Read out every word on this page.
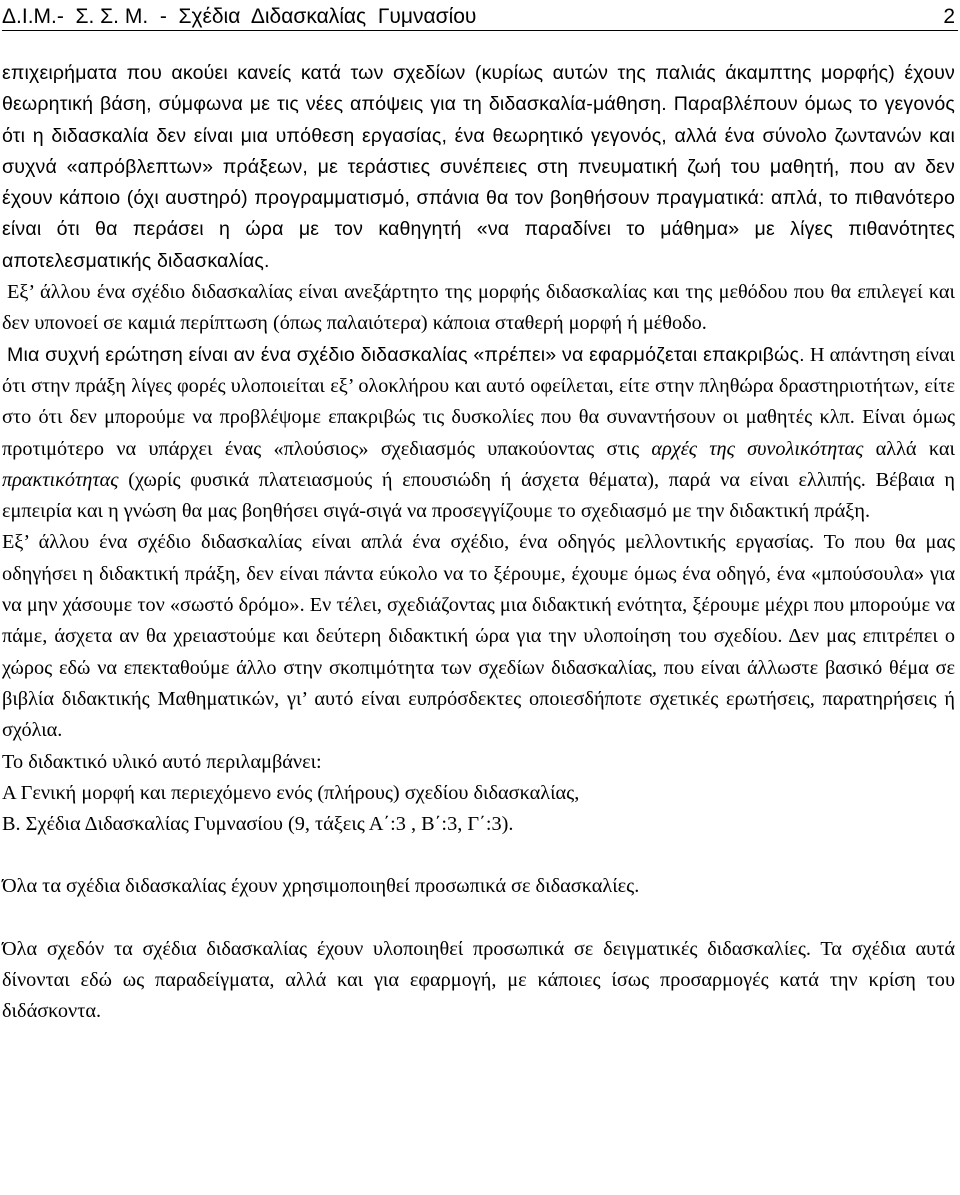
Δ.Ι.Μ.-  Σ. Σ. Μ.  -  Σχέδια  Διδασκαλίας  Γυμνασίου	2

επιχειρήματα που ακούει κανείς κατά των σχεδίων (κυρίως αυτών της παλιάς άκαμπτης μορφής) έχουν θεωρητική βάση, σύμφωνα με τις νέες απόψεις για τη διδασκαλία-μάθηση. Παραβλέπουν όμως το γεγονός ότι η διδασκαλία δεν είναι μια υπόθεση εργασίας, ένα θεωρητικό γεγονός, αλλά ένα σύνολο ζωντανών και συχνά «απρόβλεπτων» πράξεων, με τεράστιες συνέπειες στη πνευματική ζωή του μαθητή, που αν δεν έχουν κάποιο (όχι αυστηρό) προγραμματισμό, σπάνια θα τον βοηθήσουν πραγματικά: απλά, το πιθανότερο είναι ότι θα περάσει η ώρα με τον καθηγητή «να παραδίνει το μάθημα» με λίγες πιθανότητες αποτελεσματικής διδασκαλίας.

Εξ’ άλλου ένα σχέδιο διδασκαλίας είναι ανεξάρτητο της μορφής διδασκαλίας και της μεθόδου που θα επιλεγεί και δεν υπονοεί σε καμιά περίπτωση (όπως παλαιότερα) κάποια σταθερή μορφή ή μέθοδο.

Μια συχνή ερώτηση είναι αν ένα σχέδιο διδασκαλίας «πρέπει» να εφαρμόζεται επακριβώς. Η απάντηση είναι ότι στην πράξη λίγες φορές υλοποιείται εξ’ ολοκλήρου και αυτό οφείλεται, είτε στην πληθώρα δραστηριοτήτων, είτε στο ότι δεν μπορούμε να προβλέψομε επακριβώς τις δυσκολίες που θα συναντήσουν οι μαθητές κλπ. Είναι όμως προτιμότερο να υπάρχει ένας «πλούσιος» σχεδιασμός υπακούοντας στις αρχές της συνολικότητας αλλά και πρακτικότητας (χωρίς φυσικά πλατειασμούς ή επουσιώδη ή άσχετα θέματα), παρά να είναι ελλιπής. Βέβαια η εμπειρία και η γνώση θα μας βοηθήσει σιγά-σιγά να προσεγγίζουμε το σχεδιασμό με την διδακτική πράξη.

Εξ’ άλλου ένα σχέδιο διδασκαλίας είναι απλά ένα σχέδιο, ένα οδηγός μελλοντικής εργασίας. Το που θα μας οδηγήσει η διδακτική πράξη, δεν είναι πάντα εύκολο να το ξέρουμε, έχουμε όμως ένα οδηγό, ένα «μπούσουλα» για να μην χάσουμε τον «σωστό δρόμο». Εν τέλει, σχεδιάζοντας μια διδακτική ενότητα, ξέρουμε μέχρι που μπορούμε να πάμε, άσχετα αν θα χρειαστούμε και δεύτερη διδακτική ώρα για την υλοποίηση του σχεδίου. Δεν μας επιτρέπει ο χώρος εδώ να επεκταθούμε άλλο στην σκοπιμότητα των σχεδίων διδασκαλίας, που είναι άλλωστε βασικό θέμα σε βιβλία διδακτικής Μαθηματικών, γι’ αυτό είναι ευπρόσδεκτες οποιεσδήποτε σχετικές ερωτήσεις, παρατηρήσεις ή σχόλια.

Το διδακτικό υλικό αυτό περιλαμβάνει:

Α Γενική μορφή και περιεχόμενο ενός (πλήρους) σχεδίου διδασκαλίας,

Β. Σχέδια Διδασκαλίας Γυμνασίου (9, τάξεις Α΄:3 , Β΄:3, Γ΄:3).

Όλα τα σχέδια διδασκαλίας έχουν χρησιμοποιηθεί προσωπικά σε διδασκαλίες.

Όλα σχεδόν τα σχέδια διδασκαλίας έχουν υλοποιηθεί προσωπικά σε δειγματικές διδασκαλίες. Τα σχέδια αυτά δίνονται εδώ ως παραδείγματα, αλλά και για εφαρμογή, με κάποιες ίσως προσαρμογές κατά την κρίση του διδάσκοντα.
